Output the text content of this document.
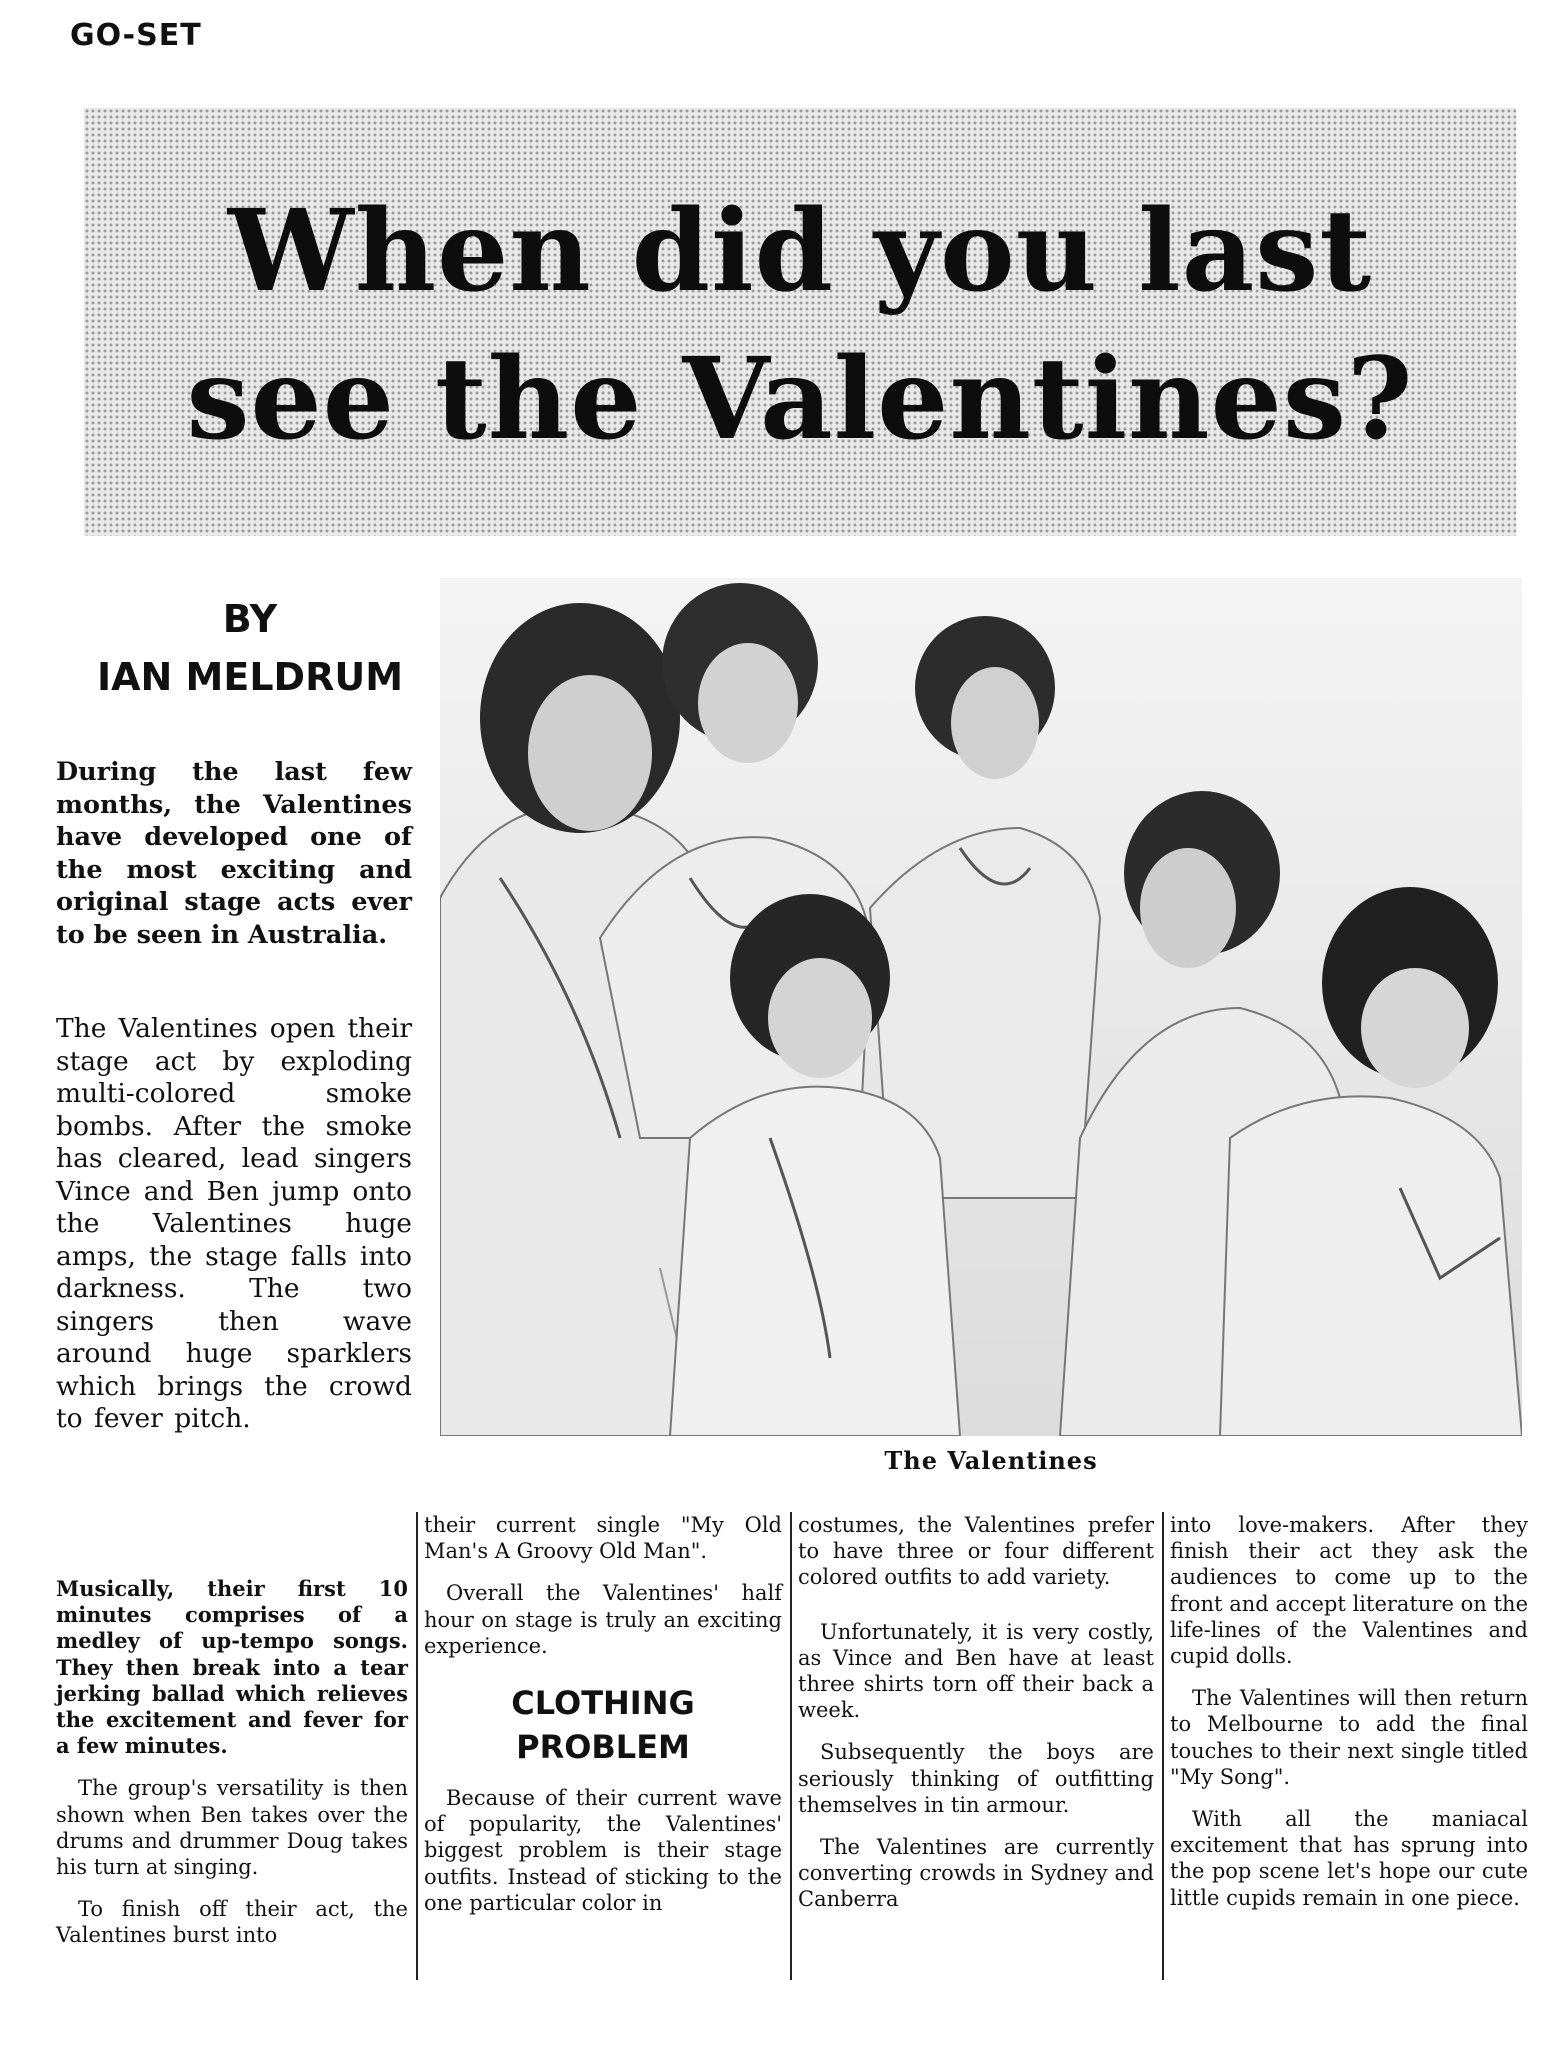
GO-SET
When did you last
see the Valentines?
BY
IAN MELDRUM

During the last few months, the Valentines have developed one of the most exciting and original stage acts ever to be seen in Australia.

The Valentines open their stage act by exploding multi-colored smoke bombs. After the smoke has cleared, lead singers Vince and Ben jump onto the Valentines huge amps, the stage falls into darkness. The two singers then wave around huge sparklers which brings the crowd to fever pitch.

The Valentines

Musically, their first 10 minutes comprises of a medley of up-tempo songs. They then break into a tear jerking ballad which relieves the excitement and fever for a few minutes.

The group's versatility is then shown when Ben takes over the drums and drummer Doug takes his turn at singing.

To finish off their act, the Valentines burst into

their current single "My Old Man's A Groovy Old Man".

Overall the Valentines' half hour on stage is truly an exciting experience.

CLOTHING
PROBLEM

Because of their current wave of popularity, the Valentines' biggest problem is their stage outfits. Instead of sticking to the one particular color in

costumes, the Valentines prefer to have three or four different colored outfits to add variety.

Unfortunately, it is very costly, as Vince and Ben have at least three shirts torn off their back a week.

Subsequently the boys are seriously thinking of outfitting themselves in tin armour.

The Valentines are currently converting crowds in Sydney and Canberra

into love-makers. After they finish their act they ask the audiences to come up to the front and accept literature on the life-lines of the Valentines and cupid dolls.

The Valentines will then return to Melbourne to add the final touches to their next single titled "My Song".

With all the maniacal excitement that has sprung into the pop scene let's hope our cute little cupids remain in one piece.
